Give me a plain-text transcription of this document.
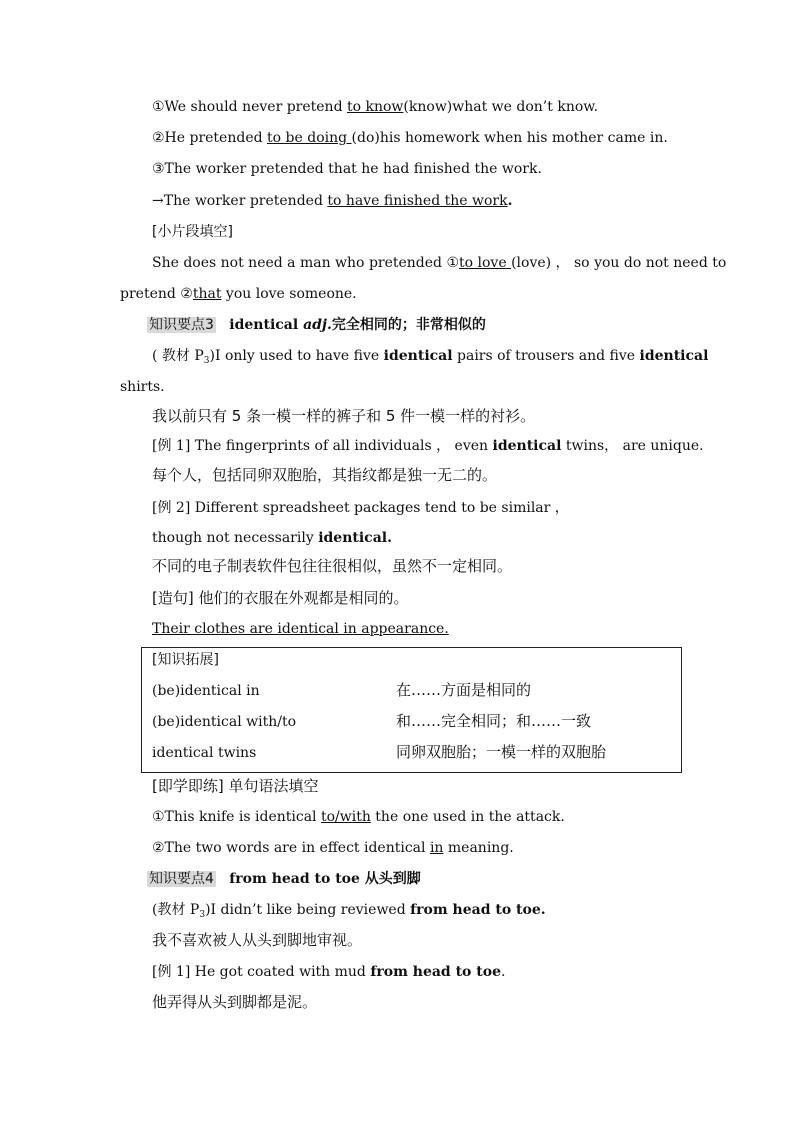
①We should never pretend to know(know)what we don’t know.
②He pretended to be doing (do)his homework when his mother came in.
③The worker pretended that he had finished the work.
→The worker pretended to have finished the work.
[小片段填空]
She does not need a man who pretended ①to love (love) ， so you do not need to
pretend ②that you love someone.
知识要点3 identical adj.完全相同的；非常相似的
( 教材 $P_3)I$ only used to have five identical pairs of trousers and five identical
shirts.
我以前只有 5 条一模一样的裤子和 5 件一模一样的衬衫。
[例 1] The fingerprints of all individuals ， even identical twins， are unique.
每个人，包括同卵双胞胎，其指纹都是独一无二的。
[例 2] Different spreadsheet packages tend to be similar ，
though not necessarily identical.
不同的电子制表软件包往往很相似，虽然不一定相同。
[造句] 他们的衣服在外观都是相同的。
Their clothes are identical in appearance.
[知识拓展]
(be)identical in	在……方面是相同的
(be)identical with/to	和……完全相同；和……一致
identical twins	同卵双胞胎；一模一样的双胞胎
[即学即练] 单句语法填空
①This knife is identical to/with the one used in the attack.
②The two words are in effect identical in meaning.
知识要点4 from head to toe 从头到脚
(教材 $P_3)I$ didn’t like being reviewed from head to toe.
我不喜欢被人从头到脚地审视。
[例 1] He got coated with mud from head to toe.
他弄得从头到脚都是泥。
